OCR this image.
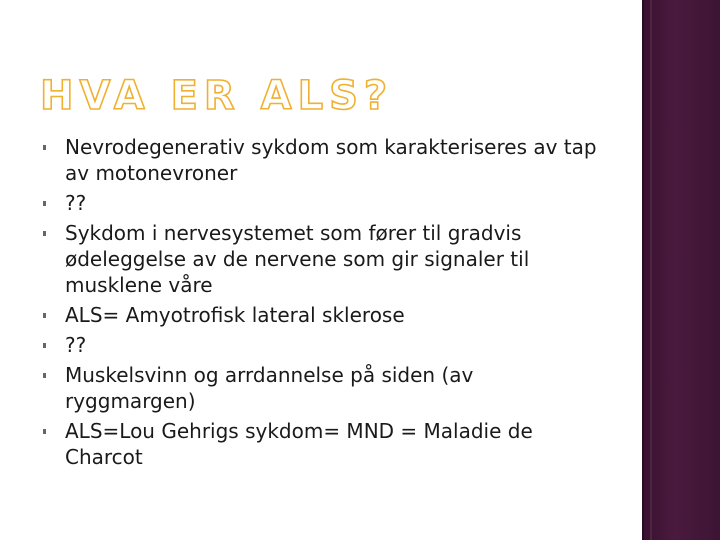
HVA ER ALS?
Nevrodegenerativ sykdom som karakteriseres av tap av motonevroner
??
Sykdom i nervesystemet som fører til gradvis ødeleggelse av de nervene som gir signaler til musklene våre
ALS= Amyotrofisk lateral sklerose
??
Muskelsvinn og arrdannelse på siden (av ryggmargen)
ALS=Lou Gehrigs sykdom= MND = Maladie de Charcot
